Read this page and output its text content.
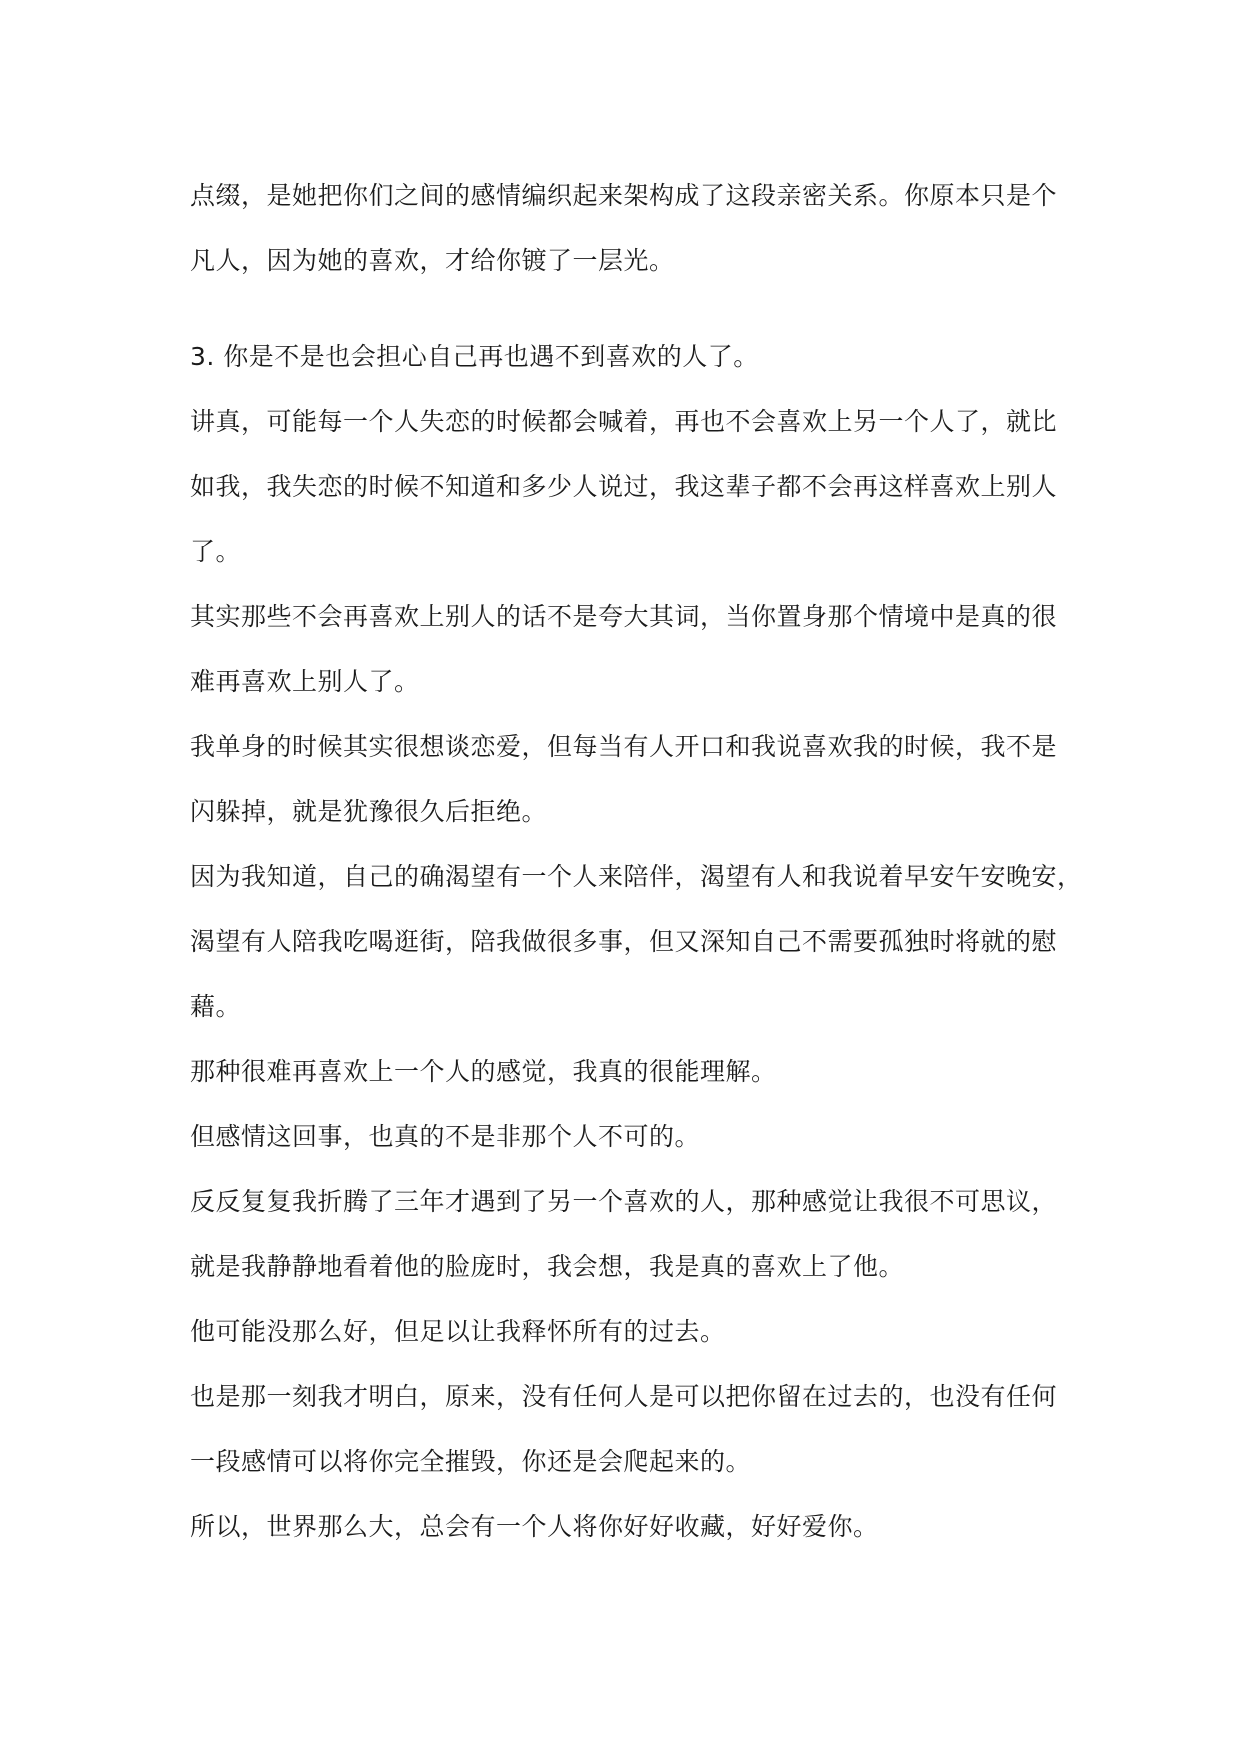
点缀，是她把你们之间的感情编织起来架构成了这段亲密关系。你原本只是个
凡人，因为她的喜欢，才给你镀了一层光。
3. 你是不是也会担心自己再也遇不到喜欢的人了。
讲真，可能每一个人失恋的时候都会喊着，再也不会喜欢上另一个人了，就比
如我，我失恋的时候不知道和多少人说过，我这辈子都不会再这样喜欢上别人
了。
其实那些不会再喜欢上别人的话不是夸大其词，当你置身那个情境中是真的很
难再喜欢上别人了。
我单身的时候其实很想谈恋爱，但每当有人开口和我说喜欢我的时候，我不是
闪躲掉，就是犹豫很久后拒绝。
因为我知道，自己的确渴望有一个人来陪伴，渴望有人和我说着早安午安晚安，
渴望有人陪我吃喝逛街，陪我做很多事，但又深知自己不需要孤独时将就的慰
藉。
那种很难再喜欢上一个人的感觉，我真的很能理解。
但感情这回事，也真的不是非那个人不可的。
反反复复我折腾了三年才遇到了另一个喜欢的人，那种感觉让我很不可思议，
就是我静静地看着他的脸庞时，我会想，我是真的喜欢上了他。
他可能没那么好，但足以让我释怀所有的过去。
也是那一刻我才明白，原来，没有任何人是可以把你留在过去的，也没有任何
一段感情可以将你完全摧毁，你还是会爬起来的。
所以，世界那么大，总会有一个人将你好好收藏，好好爱你。
